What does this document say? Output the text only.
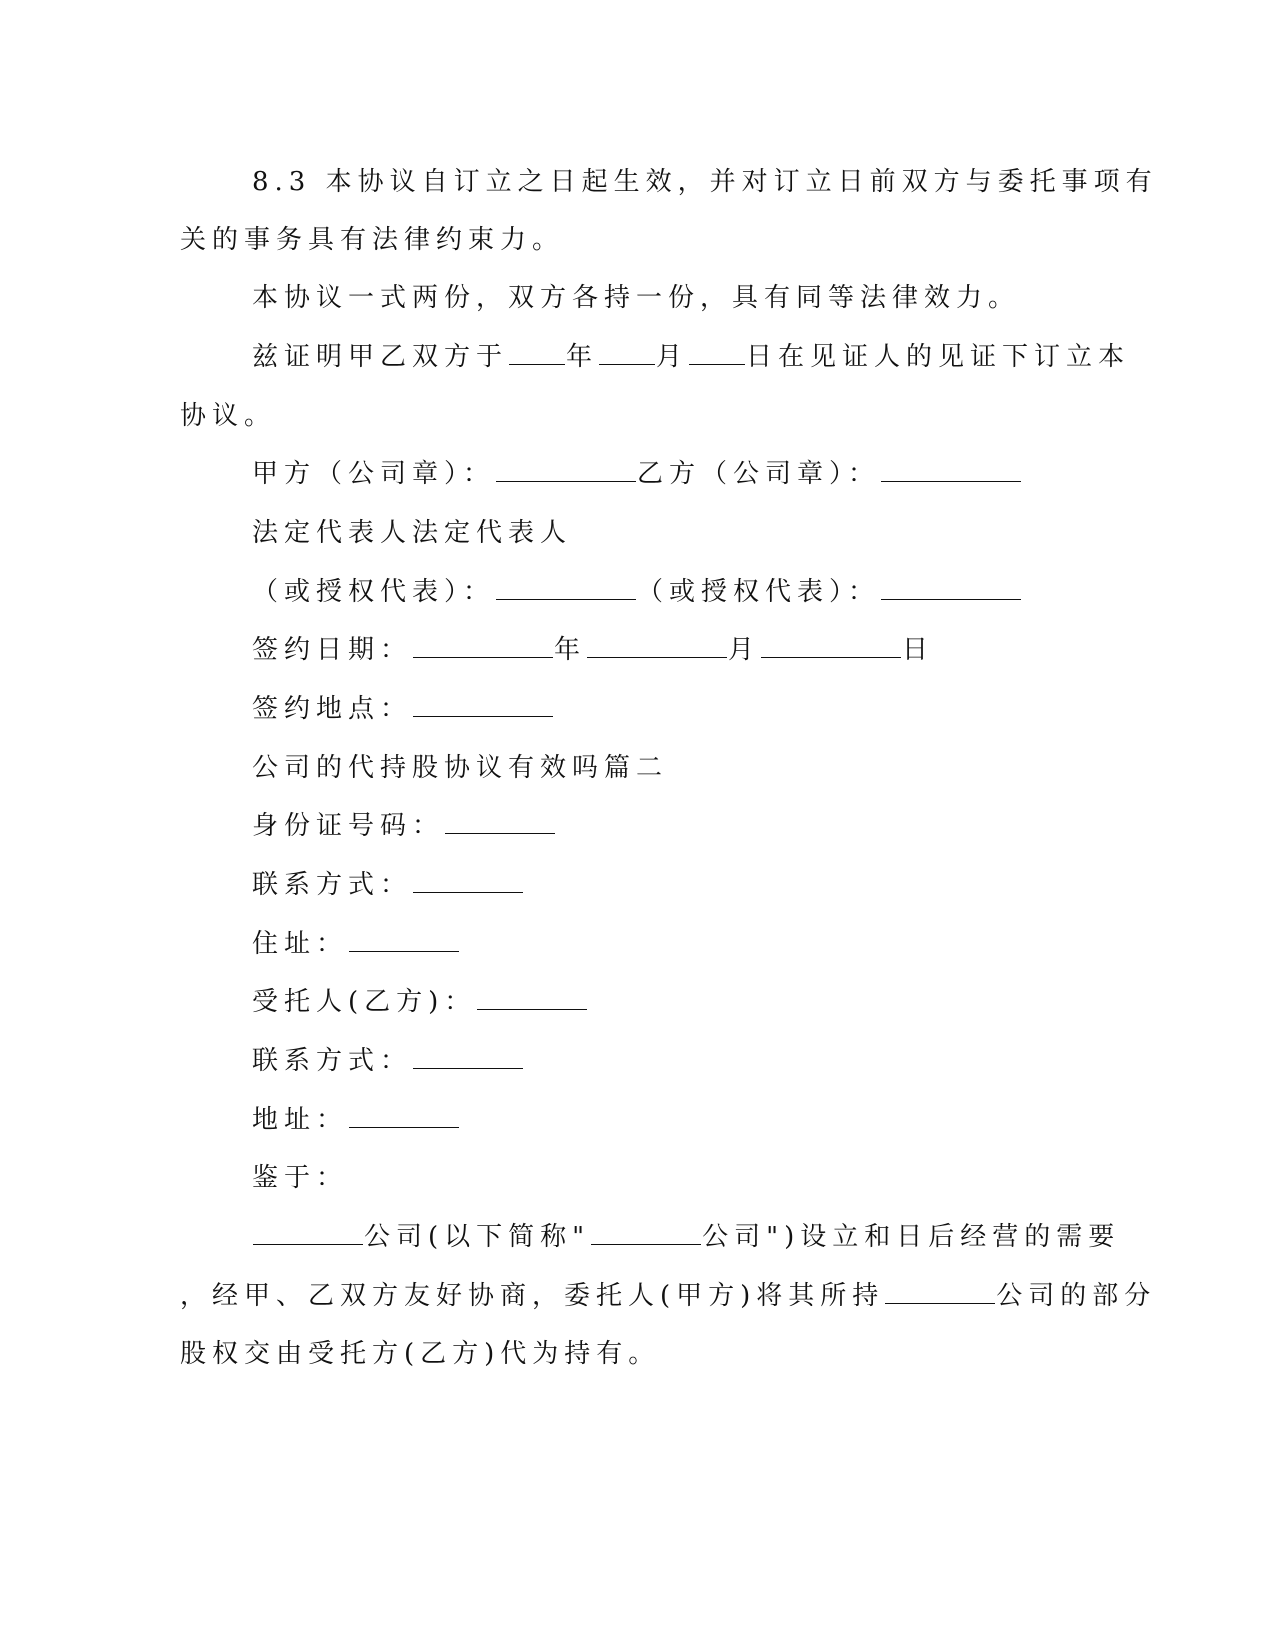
8.3 本协议自订立之日起生效，并对订立日前双方与委托事项有

关的事务具有法律约束力。

本协议一式两份，双方各持一份，具有同等法律效力。

兹证明甲乙双方于 年 月 日在见证人的见证下订立本

协议。

甲方（公司章）：	乙方（公司章）：

法定代表人法定代表人

（或授权代表）：	（或授权代表）：

签约日期：	年	月	日

签约地点：

公司的代持股协议有效吗篇二

身份证号码：

联系方式：

住址：

受托人(乙方)：

联系方式：

地址：

鉴于：

公司(以下简称"	公司")设立和日后经营的需要

，经甲、乙双方友好协商，委托人(甲方)将其所持	公司的部分

股权交由受托方(乙方)代为持有。
